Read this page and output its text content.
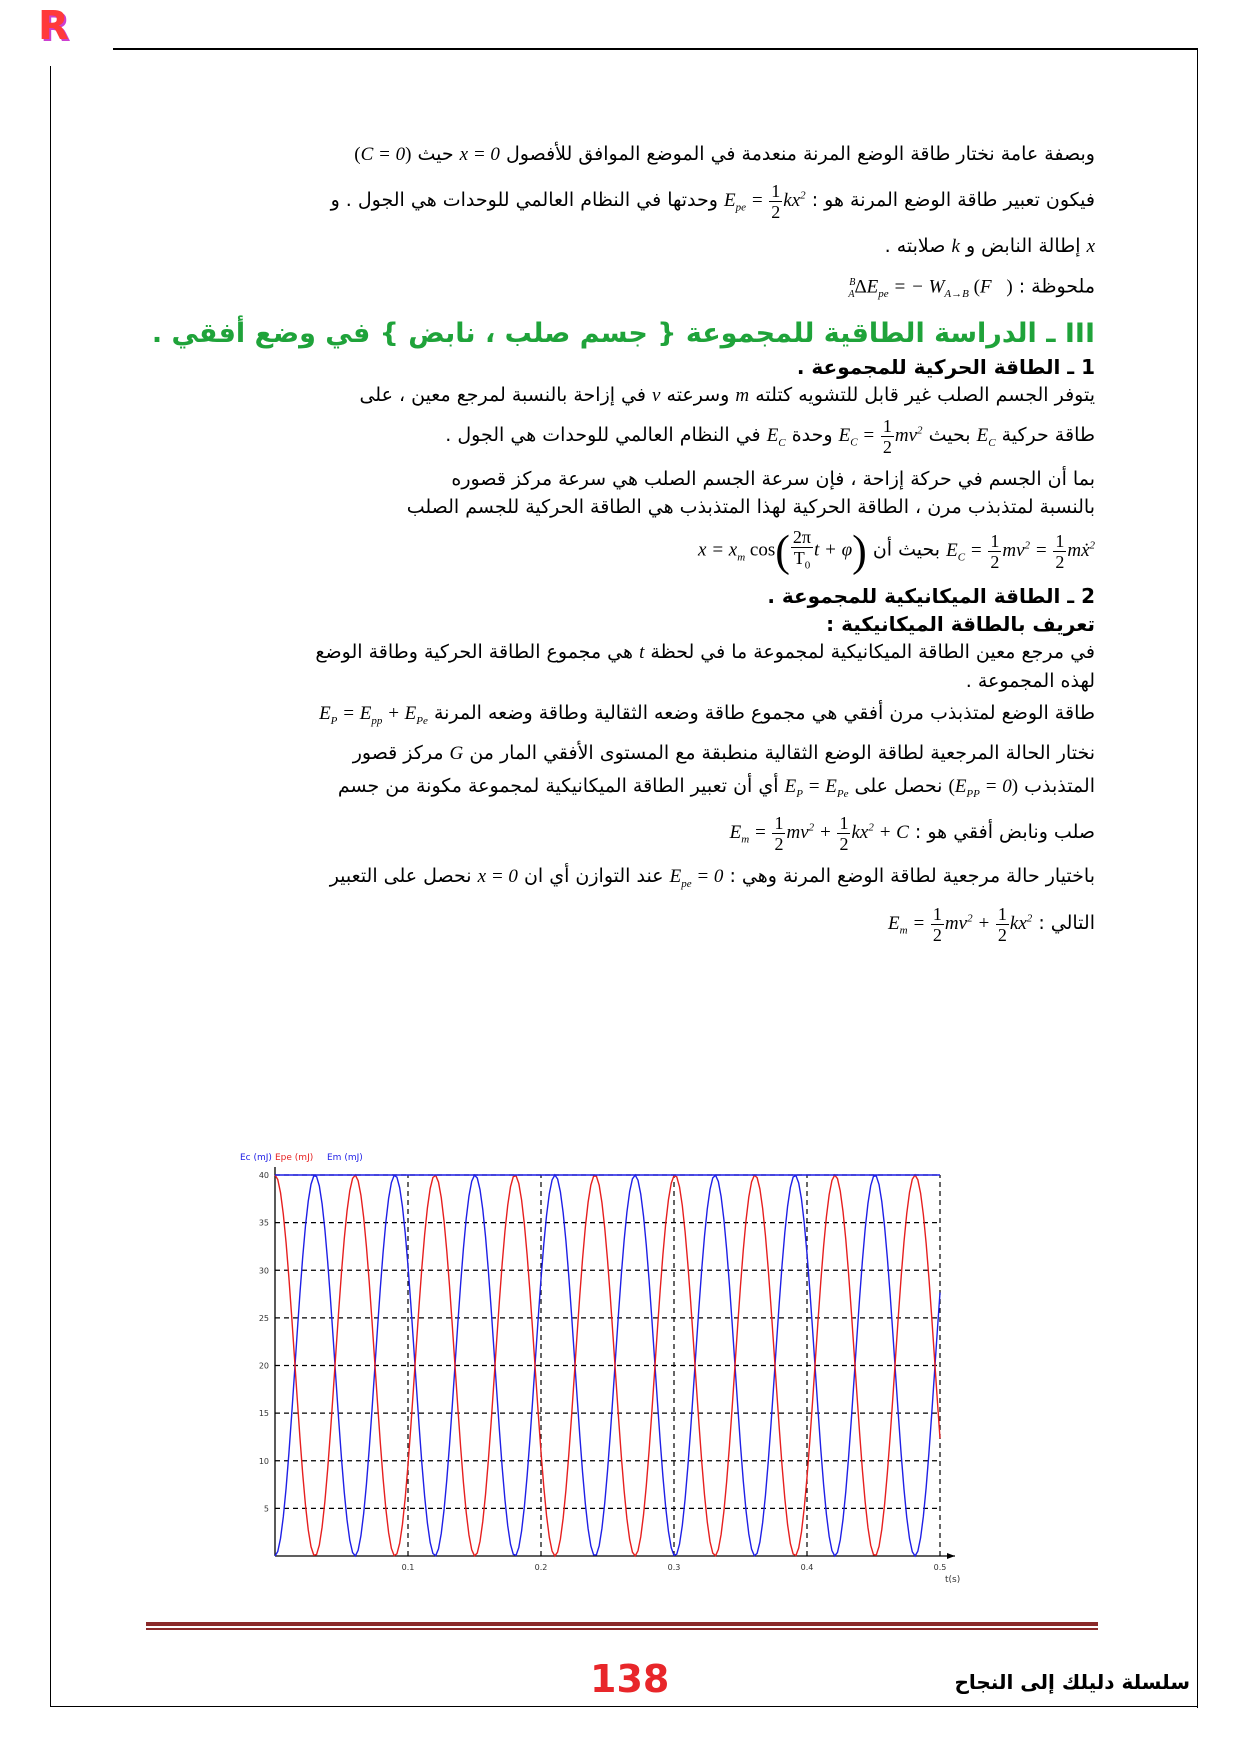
R

وبصفة عامة نختار طاقة الوضع المرنة منعدمة في الموضع الموافق للأفصول x = 0 حيث (C = 0)

فيكون تعبير طاقة الوضع المرنة هو : $E_{pe} = \frac{1}{2} kx^2$ وحدتها في النظام العالمي للوحدات هي الجول . و

x إطالة النابض و k صلابته .

ملحوظة : $^B_A\Delta E_{pe}$ = − $W_{A\to B}$ (F⃗)

III ـ الدراسة الطاقية للمجموعة { جسم صلب ، نابض } في وضع أفقي .

1 ـ الطاقة الحركية للمجموعة .

يتوفر الجسم الصلب غير قابل للتشويه كتلته m وسرعته v في إزاحة بالنسبة لمرجع معين ، على

طاقة حركية $E_C$ بحيث $E_C = \frac{1}{2} mv^2$ وحدة $E_C$ في النظام العالمي للوحدات هي الجول .

بما أن الجسم في حركة إزاحة ، فإن سرعة الجسم الصلب هي سرعة مركز قصوره

بالنسبة لمتذبذب مرن ، الطاقة الحركية لهذا المتذبذب هي الطاقة الحركية للجسم الصلب

$E_C = \frac{1}{2} mv^2 = \frac{1}{2}$ mẋ$^2$ بحيث أن $x = x_m$ $\cos( \frac{2\pi}{T_0}$ t + φ)

2 ـ الطاقة الميكانيكية للمجموعة .

تعريف بالطاقة الميكانيكية :

في مرجع معين الطاقة الميكانيكية لمجموعة ما في لحظة t هي مجموع الطاقة الحركية وطاقة الوضع

لهذه المجموعة .

طاقة الوضع لمتذبذب مرن أفقي هي مجموع طاقة وضعه الثقالية وطاقة وضعه المرنة $E_P = E_{pp} + E_{Pe}$

نختار الحالة المرجعية لطاقة الوضع الثقالية منطبقة مع المستوى الأفقي المار من G مركز قصور

المتذبذب $(E_{PP} = 0)$ نحصل على $E_P = E_{Pe}$ أي أن تعبير الطاقة الميكانيكية لمجموعة مكونة من جسم

صلب ونابض أفقي هو : $E_m = \frac{1}{2} mv^2 + \frac{1}{2} kx^2 + C$

باختيار حالة مرجعية لطاقة الوضع المرنة وهي : $E_{pe} = 0$ عند التوازن أي ان x = 0 نحصل على التعبير

التالي : $E_m = \frac{1}{2} mv^2 + \frac{1}{2} kx^2$

Ec (mJ) Epe (mJ) Em (mJ)
t(s)
5
10
15
20
25
30
35
40
0.1	0.2	0.3	0.4	0.5
138	سلسلة دليلك إلى النجاح
